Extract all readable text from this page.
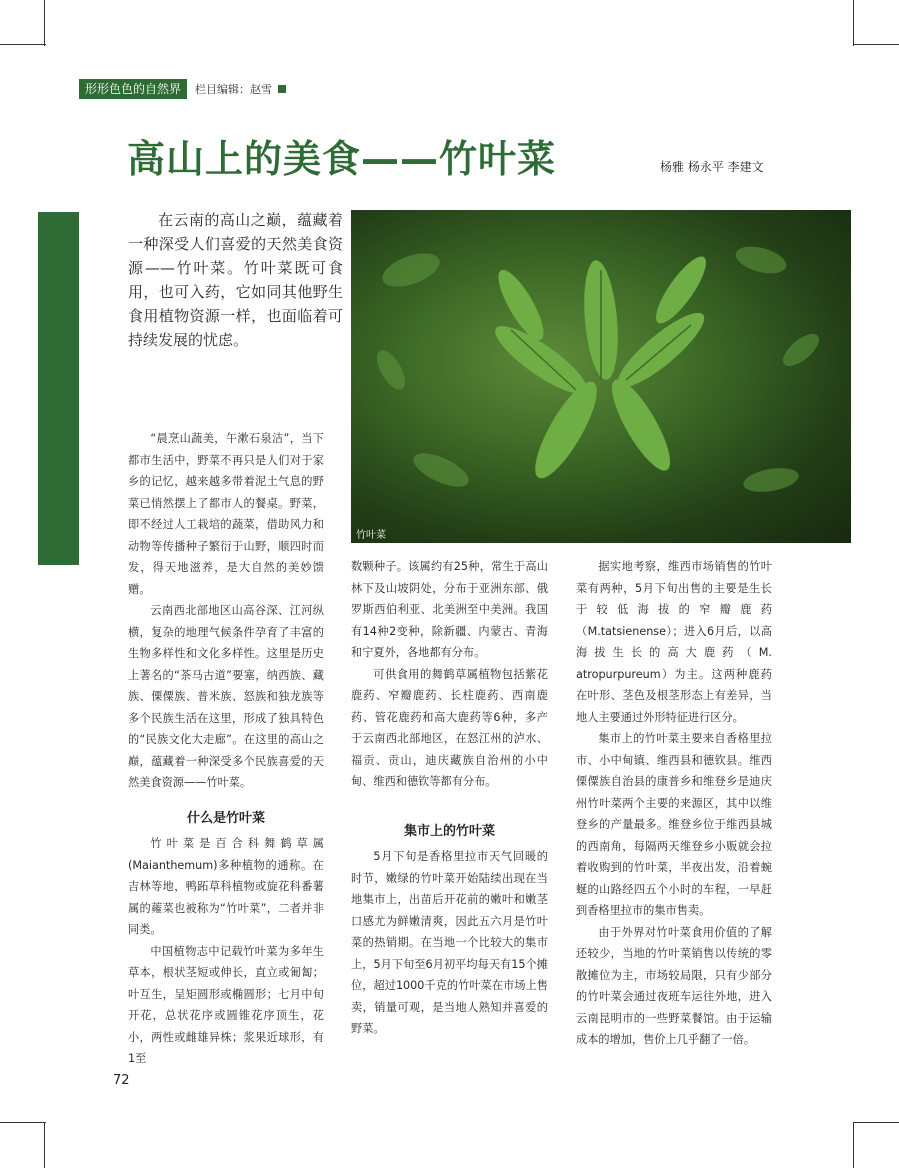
形形色色的自然界	栏目编辑：赵雪
高山上的美食——竹叶菜	杨雅 杨永平 李建文

在云南的高山之巅，蕴藏着一种深受人们喜爱的天然美食资源——竹叶菜。竹叶菜既可食用，也可入药，它如同其他野生食用植物资源一样，也面临着可持续发展的忧虑。

竹叶菜

“晨烹山蔬美，午漱石泉洁”，当下都市生活中，野菜不再只是人们对于家乡的记忆，越来越多带着泥土气息的野菜已悄然摆上了都市人的餐桌。野菜，即不经过人工栽培的蔬菜，借助风力和动物等传播种子繁衍于山野，顺四时而发，得天地滋养，是大自然的美妙馈赠。

云南西北部地区山高谷深、江河纵横，复杂的地理气候条件孕育了丰富的生物多样性和文化多样性。这里是历史上著名的“茶马古道”要塞，纳西族、藏族、傈僳族、普米族、怒族和独龙族等多个民族生活在这里，形成了独具特色的“民族文化大走廊”。在这里的高山之巅，蕴藏着一种深受多个民族喜爱的天然美食资源——竹叶菜。

什么是竹叶菜

竹叶菜是百合科舞鹤草属(Maianthemum)多种植物的通称。在吉林等地，鸭跖草科植物或旋花科番薯属的蕹菜也被称为“竹叶菜”，二者并非同类。

中国植物志中记载竹叶菜为多年生草本，根状茎短或伸长，直立或匍匐；叶互生，呈矩圆形或椭圆形；七月中旬开花，总状花序或圆锥花序顶生，花小，两性或雌雄异株；浆果近球形，有1至

数颗种子。该属约有25种，常生于高山林下及山坡阴处，分布于亚洲东部、俄罗斯西伯利亚、北美洲至中美洲。我国有14种2变种，除新疆、内蒙古、青海和宁夏外，各地都有分布。

可供食用的舞鹤草属植物包括紫花鹿药、窄瓣鹿药、长柱鹿药、西南鹿药、管花鹿药和高大鹿药等6种，多产于云南西北部地区，在怒江州的泸水、福贡、贡山，迪庆藏族自治州的小中甸、维西和德钦等都有分布。

集市上的竹叶菜

5月下旬是香格里拉市天气回暖的时节，嫩绿的竹叶菜开始陆续出现在当地集市上，出苗后开花前的嫩叶和嫩茎口感尤为鲜嫩清爽，因此五六月是竹叶菜的热销期。在当地一个比较大的集市上，5月下旬至6月初平均每天有15个摊位，超过1000千克的竹叶菜在市场上售卖，销量可观，是当地人熟知并喜爱的野菜。

据实地考察，维西市场销售的竹叶菜有两种，5月下旬出售的主要是生长于较低海拔的窄瓣鹿药（M.tatsienense）；进入6月后，以高海拔生长的高大鹿药（M. atropurpureum）为主。这两种鹿药在叶形、茎色及根茎形态上有差异，当地人主要通过外形特征进行区分。

集市上的竹叶菜主要来自香格里拉市、小中甸镇、维西县和德钦县。维西傈僳族自治县的康普乡和维登乡是迪庆州竹叶菜两个主要的来源区，其中以维登乡的产量最多。维登乡位于维西县城的西南角，每隔两天维登乡小贩就会拉着收购到的竹叶菜，半夜出发，沿着蜿蜒的山路经四五个小时的车程，一早赶到香格里拉市的集市售卖。

由于外界对竹叶菜食用价值的了解还较少，当地的竹叶菜销售以传统的零散摊位为主，市场较局限，只有少部分的竹叶菜会通过夜班车运往外地，进入云南昆明市的一些野菜餐馆。由于运输成本的增加，售价上几乎翻了一倍。

72
